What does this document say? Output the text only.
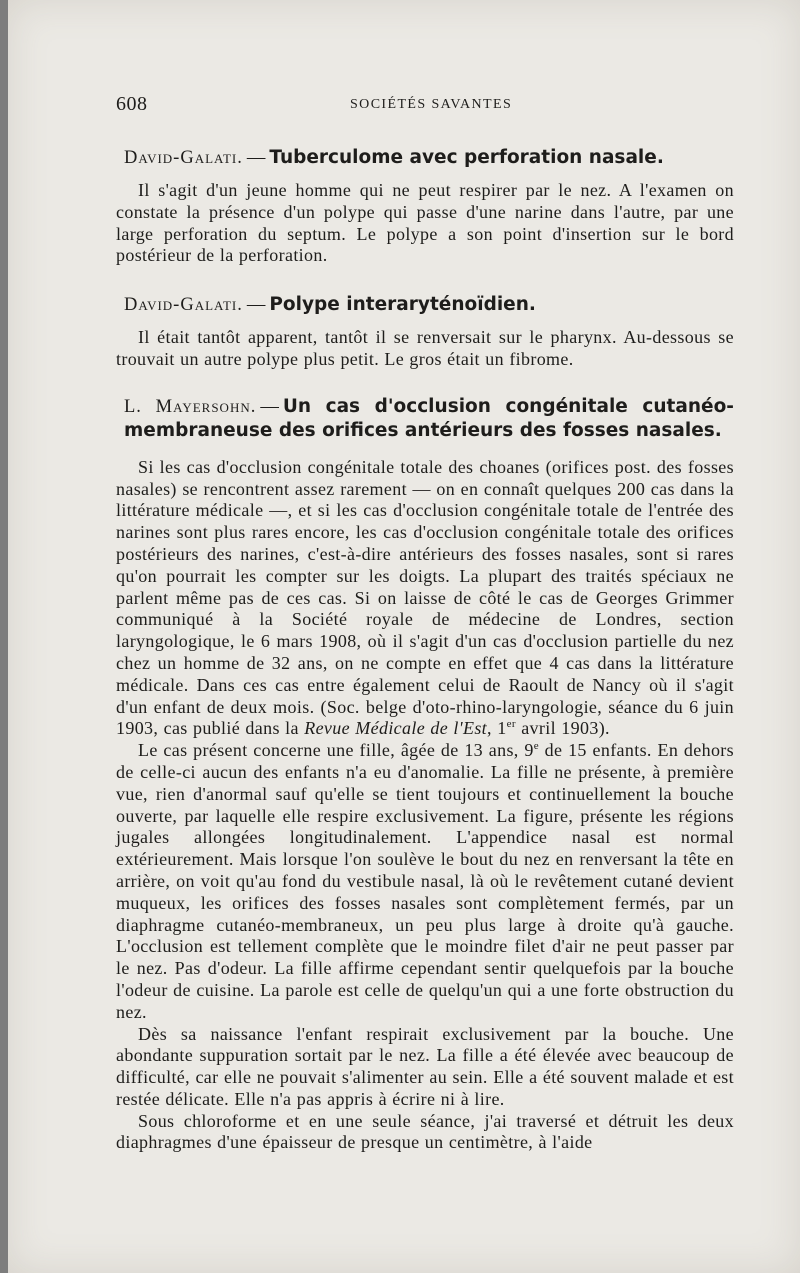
608	SOCIÉTÉS SAVANTES

David-Galati. — Tuberculome avec perforation nasale.

Il s'agit d'un jeune homme qui ne peut respirer par le nez. A l'examen on constate la présence d'un polype qui passe d'une narine dans l'autre, par une large perforation du septum. Le polype a son point d'insertion sur le bord postérieur de la perforation.

David-Galati. — Polype interaryténoïdien.

Il était tantôt apparent, tantôt il se renversait sur le pharynx. Au-dessous se trouvait un autre polype plus petit. Le gros était un fibrome.

L. Mayersohn. — Un cas d'occlusion congénitale cutanéo-membraneuse des orifices antérieurs des fosses nasales.

Si les cas d'occlusion congénitale totale des choanes (orifices post. des fosses nasales) se rencontrent assez rarement — on en connaît quelques 200 cas dans la littérature médicale —, et si les cas d'occlusion congénitale totale de l'entrée des narines sont plus rares encore, les cas d'occlusion congénitale totale des orifices postérieurs des narines, c'est-à-dire antérieurs des fosses nasales, sont si rares qu'on pourrait les compter sur les doigts. La plupart des traités spéciaux ne parlent même pas de ces cas. Si on laisse de côté le cas de Georges Grimmer communiqué à la Société royale de médecine de Londres, section laryngologique, le 6 mars 1908, où il s'agit d'un cas d'occlusion partielle du nez chez un homme de 32 ans, on ne compte en effet que 4 cas dans la littérature médicale. Dans ces cas entre également celui de Raoult de Nancy où il s'agit d'un enfant de deux mois. (Soc. belge d'oto-rhino-laryngologie, séance du 6 juin 1903, cas publié dans la Revue Médicale de l'Est, 1er avril 1903).

Le cas présent concerne une fille, âgée de 13 ans, 9e de 15 enfants. En dehors de celle-ci aucun des enfants n'a eu d'anomalie. La fille ne présente, à première vue, rien d'anormal sauf qu'elle se tient toujours et continuellement la bouche ouverte, par laquelle elle respire exclusivement. La figure, présente les régions jugales allongées longitudinalement. L'appendice nasal est normal extérieurement. Mais lorsque l'on soulève le bout du nez en renversant la tête en arrière, on voit qu'au fond du vestibule nasal, là où le revêtement cutané devient muqueux, les orifices des fosses nasales sont complètement fermés, par un diaphragme cutanéo-membraneux, un peu plus large à droite qu'à gauche. L'occlusion est tellement complète que le moindre filet d'air ne peut passer par le nez. Pas d'odeur. La fille affirme cependant sentir quelquefois par la bouche l'odeur de cuisine. La parole est celle de quelqu'un qui a une forte obstruction du nez.

Dès sa naissance l'enfant respirait exclusivement par la bouche. Une abondante suppuration sortait par le nez. La fille a été élevée avec beaucoup de difficulté, car elle ne pouvait s'alimenter au sein. Elle a été souvent malade et est restée délicate. Elle n'a pas appris à écrire ni à lire.

Sous chloroforme et en une seule séance, j'ai traversé et détruit les deux diaphragmes d'une épaisseur de presque un centimètre, à l'aide
